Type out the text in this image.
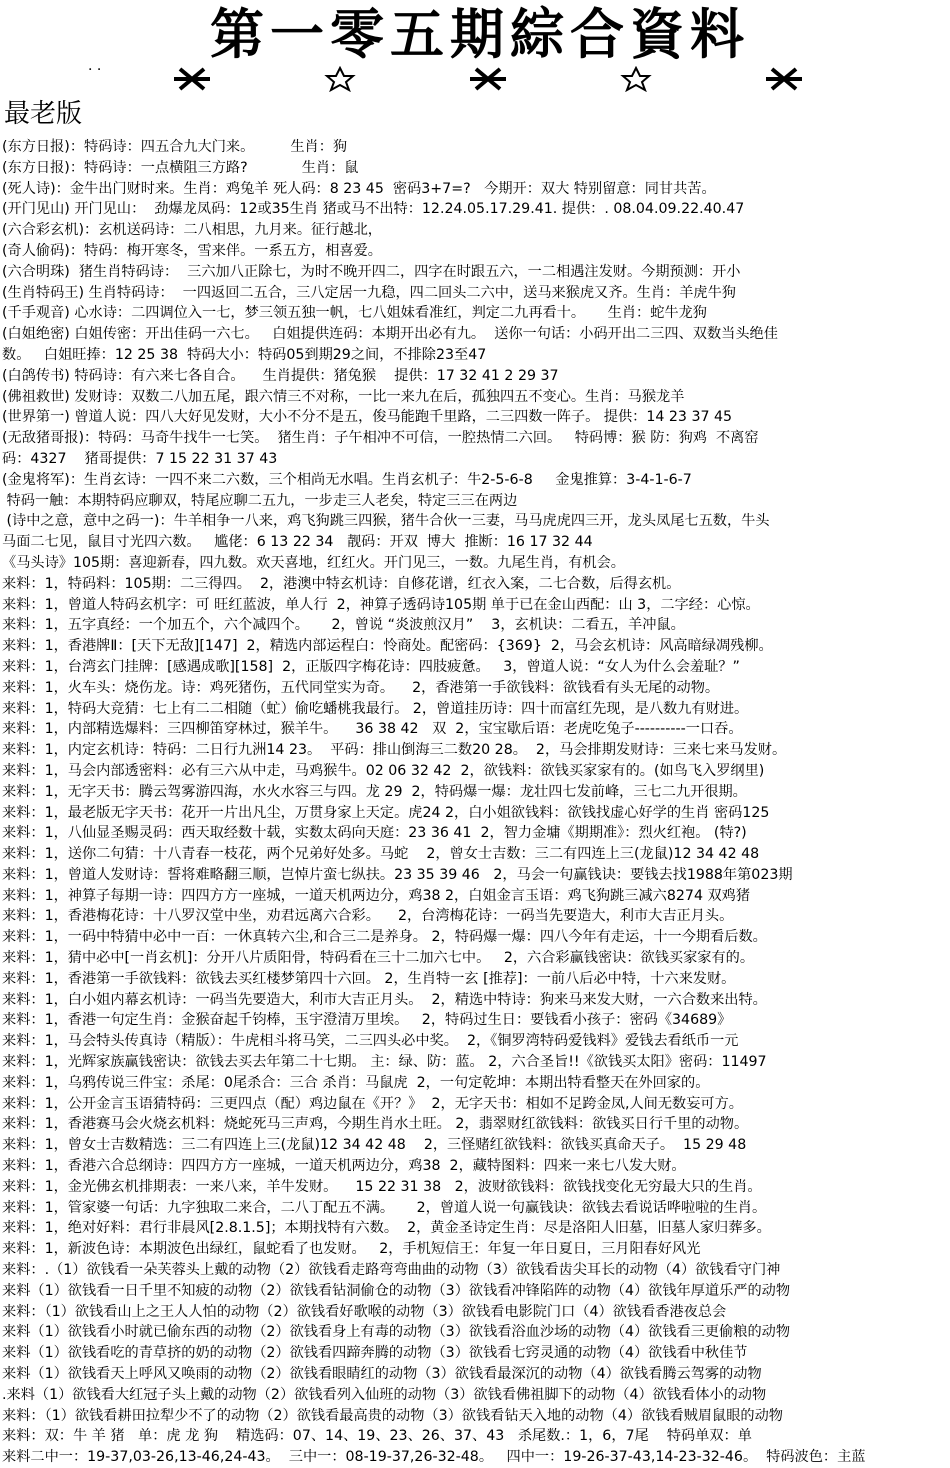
第一零五期綜合資料
· ·
最老版
(东方日报)：特码诗：四五合九大门来。        生肖：狗
(东方日报)：特码诗：一点横阻三方路?            生肖：鼠
(死人诗)：金牛出门财时来。生肖：鸡兔羊 死人码：8 23 45  密码3+7=?   今期开：双大 特别留意：同甘共苦。
(开门见山) 开门见山：  劲爆龙凤码：12或35生肖 猪或马不出特：12.24.05.17.29.41. 提供：. 08.04.09.22.40.47
(六合彩玄机)：玄机送码诗：二八相思，九月来。征行越北，
(奇人偷码)：特码：梅开寒冬，雪来伴。一系五方，相喜爱。
(六合明珠)  猪生肖特码诗：  三六加八正除七，为时不晚开四二，四字在时跟五六，一二相遇注发财。今期预测：开小
(生肖特码王) 生肖特码诗：  一四返回二五合，三八定居一九稳，四二回头二六中，送马来猴虎又齐。生肖：羊虎牛狗
(千手观音) 心水诗：二四调位入一七，梦三领五独一帆，七八姐妹看准红，判定二九再看十。     生肖：蛇牛龙狗
(白姐绝密) 白姐传密：开出佳码一六七。   白姐提供连码：本期开出必有九。  送你一句话：小码开出二三四、双数当头绝佳
数。   白姐旺捧：12 25 38  特码大小：特码05到期29之间，不排除23至47
(白鸽传书) 特码诗：有六来七各自合。    生肖提供：猪兔猴    提供：17 32 41 2 29 37
(佛祖救世) 发财诗：双数二八加五尾，跟六情三不对称，一比一来九在后，孤独四五不变心。生肖：马猴龙羊
(世界第一) 曾道人说：四八大好见发财，大小不分不是五，俊马能跑千里路，二三四数一阵子。 提供：14 23 37 45
(无敌猪哥报)：特码：马奇牛找牛一七笑。  猪生肖：子午相冲不可信，一腔热情二六回。   特码博：猴 防：狗鸡  不离窑
码：4327    猪哥提供：7 15 22 31 37 43
(金鬼将军)：生肖玄诗：一四不来二六数，三个相尚无水唱。生肖玄机子：牛2-5-6-8     金鬼推算：3-4-1-6-7
特码一触：本期特码应聊双，特尾应聊二五九，一步走三人老矣，特定三三在两边
(诗中之意，意中之码一)：牛羊相争一八来，鸡飞狗跳三四猴，猪牛合伙一三妻，马马虎虎四三开，龙头凤尾七五数，牛头
马面二七见，鼠目寸光四六数。   尴佬：6 13 22 34   靓码：开双  博大  推断：16 17 32 44
《马头诗》105期：喜迎新春，四九数。欢天喜地，红红火。开门见三，一数。九尾生肖，有机会。
来料：1，特码料：105期：二三得四。  2，港澳中特玄机诗：自修花谱，红衣入案，二七合数，后得玄机。
来料：1，曾道人特码玄机字：可 旺红蓝波，单人行  2，神算子透码诗105期 单于已在金山西配：山 3，二字经：心惊。
来料：1，五字真经：一个加五个，六个减四个。     2，曾说 “炎波煎汉月”    3，玄机诀：二看五，羊冲鼠。
来料：1，香港牌Ⅱ：[天下无敌][147]  2，精选内部运程白：怜商处。配密码：{369}  2，马会玄机诗：风高暗绿凋残柳。
来料：1，台湾玄门挂牌：[感遇成歌][158]  2，正版四字梅花诗：四肢疲惫。   3，曾道人说：“女人为什么会羞耻？”
来料：1，火车头：烧伤龙。诗：鸡死猪伤，五代同堂实为奇。    2，香港第一手欲钱料：欲钱看有头无尾的动物。
来料：1，特码大竞猜：七上有二二相随（虻）偷吃蟠桃我最行。 2，曾道挂历诗：四十而富红先现，是八数九有财进。
来料：1，内部精选爆料：三四柳笛穿林过，猴羊牛。    36 38 42   双  2，宝宝歇后语：老虎吃兔子----------一口吞。
来料：1，内定玄机诗：特码：二日行九洲14 23。  平码：排山倒海三二数20 28。  2，马会排期发财诗：三来七来马发财。
来料：1，马会内部透密料：必有三六从中走，马鸡猴牛。02 06 32 42  2，欲钱料：欲钱买家家有的。(如鸟飞入罗纲里)
来料：1，无字天书：腾云驾雾游四海，水火水容三与四。龙 29  2，特码爆一爆：龙壮四七发前峰，三七二九开很期。
来料：1，最老版无字天书：花开一片出凡尘，万贯身家上天定。虎24 2，白小姐欲钱料：欲钱找虚心好学的生肖 密码125
来料：1，八仙显圣赐灵码：西天取经数十载，实数太码向天庭：23 36 41  2，智力金墉《期期准》：烈火红袍。 (特?)
来料：1，送你二句猜：十八青春一枝花，两个兄弟好处多。马蛇    2，曾女士吉数：三二有四连上三(龙鼠)12 34 42 48
来料：1，曾道人发财诗：誓将难略翻三顺，岂悼片蛮七纵扶。23 35 39 46   2，马会一句赢钱诀：要钱去找1988年第023期
来料：1，神算子每期一诗：四四方方一座城，一道天机两边分，鸡38 2，白姐金言玉语：鸡飞狗跳三减六8274 双鸡猪
来料：1，香港梅花诗：十八罗汉堂中坐，劝君远离六合彩。    2，台湾梅花诗：一码当先要造大，利市大吉正月头。
来料：1，一码中特猜中必中一百：一休真转六尘,和合三二是养身。 2，特码爆一爆：四八今年有走运，十一今期看后数。
来料：1，猜中必中[一肖玄机]：分开八片质阳骨，特码看在三十二加六七中。   2，六合彩赢钱密诀：欲钱买家家有的。
来料：1，香港第一手欲钱料：欲钱去买红楼梦第四十六回。 2，生肖特一玄 [推荐]：一前八后必中特，十六来发财。
来料：1，白小姐内幕玄机诗：一码当先要造大，利市大吉正月头。  2，精选中特诗：狗来马来发大财，一六合数来出特。
来料：1，香港一句定生肖：金猴奋起千钧棒，玉宇澄清万里埃。   2，特码过生日：要钱看小孩子：密码《34689》
来料：1，马会特头传真诗（精版）：牛虎相斗将马笑，二三四头必中奖。  2，《铜罗湾特码爱钱料》爱钱去看纸币一元
来料：1，光辉家族赢钱密诀：欲钱去买去年第二十七期。 主：绿、防：蓝。 2，六合圣旨!!《欲钱买太阳》密码：11497
来料：1，乌鸦传说三件宝：杀尾：0尾杀合：三合 杀肖：马鼠虎  2，一句定乾坤：本期出特看整天在外回家的。
来料：1，公开金言玉语猜特码：三更四点（配）鸡边鼠在《开？》  2，无字天书：相如不足跨金凤,人间无数妄可方。
来料：1，香港赛马会火烧玄机料：烧蛇死马三声鸡，今期生肖水土旺。 2，翡翠财红欲钱料：欲钱买日行千里的动物。
来料：1，曾女士吉数精选：三二有四连上三(龙鼠)12 34 42 48    2，三怪赌红欲钱料：欲钱买真命天子。  15 29 48
来料：1，香港六合总纲诗：四四方方一座城，一道天机两边分，鸡38  2，藏特图料：四来一来七八发大财。
来料：1，金光佛玄机排期表：一来八来，羊牛发财。    15 22 31 38   2，波财欲钱料：欲钱找变化无穷最大只的生肖。
来料：1，管家婆一句话：九字独取二来合，二八丁配五不满。     2，曾道人说一句赢钱诀：欲钱去看说话哗啦啦的生肖。
来料：1，绝对好料：君行非晨风[2.8.1.5]；本期找特有六数。  2，黄金圣诗定生肖：尽是洛阳人旧墓，旧墓人家归葬多。
来料：1，新波色诗：本期波色出绿红，鼠蛇看了也发财。   2，手机短信王：年复一年日夏日，三月阳春好风光
来料：.（1）欲钱看一朵芙蓉头上戴的动物（2）欲钱看走路弯弯曲曲的动物（3）欲钱看齿尖耳长的动物（4）欲钱看守门神
来料（1）欲钱看一日千里不知疲的动物（2）欲钱看钻洞偷仓的动物（3）欲钱看冲锋陷阵的动物（4）欲钱年厚道乐严的动物
来料：（1）欲钱看山上之王人人怕的动物（2）欲钱看好歌喉的动物（3）欲钱看电影院门口（4）欲钱看香港夜总会
来料（1）欲钱看小时就已偷东西的动物（2）欲钱看身上有毒的动物（3）欲钱看浴血沙场的动物（4）欲钱看三更偷粮的动物
来料（1）欲钱看吃的青草挤的奶的动物（2）欲钱看四蹄奔腾的动物（3）欲钱看七窍灵通的动物（4）欲钱看中秋佳节
来料（1）欲钱看天上呼风又唤雨的动物（2）欲钱看眼睛红的动物（3）欲钱看最深沉的动物（4）欲钱看腾云驾雾的动物
.来料（1）欲钱看大红冠子头上戴的动物（2）欲钱看列入仙班的动物（3）欲钱看佛祖脚下的动物（4）欲钱看体小的动物
来料：（1）欲钱看耕田拉犁少不了的动物（2）欲钱看最高贵的动物（3）欲钱看钻天入地的动物（4）欲钱看贼眉鼠眼的动物
来料：双：牛 羊 猪   单：虎 龙 狗    精选码：07、14、19、23、26、37、43   杀尾数.：1，6，7尾    特码单双：单
来料二中一：19-37,03-26,13-46,24-43。  三中一：08-19-37,26-32-48。   四中一：19-26-37-43,14-23-32-46。  特码波色：主蓝
